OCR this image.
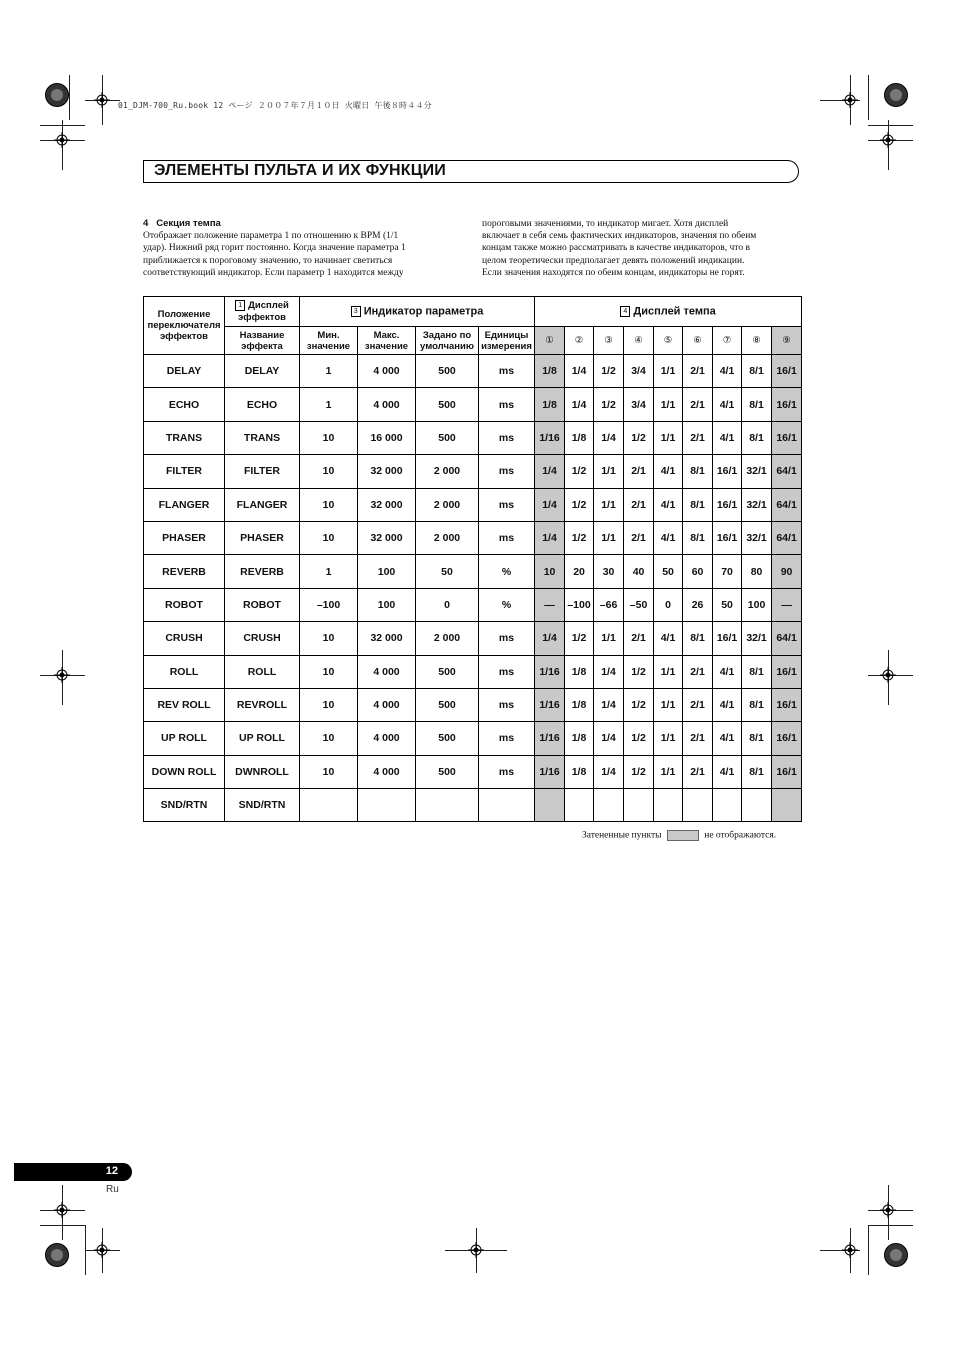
01_DJM-700_Ru.book 12 ページ ２００７年７月１０日 火曜日 午後８時４４分
ЭЛЕМЕНТЫ ПУЛЬТА И ИХ ФУНКЦИИ
4 Секция темпа
Отображает положение параметра 1 по отношению к BPM (1/1
удар). Нижний ряд горит постоянно. Когда значение параметра 1
приближается к пороговому значению, то начинает светиться
соответствующий индикатор. Если параметр 1 находится между
пороговыми значениями, то индикатор мигает. Хотя дисплей
включает в себя семь фактических индикаторов, значения по обеим
концам также можно рассматривать в качестве индикаторов, что в
целом теоретически предполагает девять положений индикации.
Если значения находятся по обеим концам, индикаторы не горят.
Положение переключателя эффектов	1 Дисплей эффектов	3 Индикатор параметра				4 Дисплей темпа								
	Название эффекта	Мин. значение	Макс. значение	Задано по умолчанию	Единицы измерения	①	②	③	④	⑤	⑥	⑦	⑧	⑨
DELAY	DELAY	1	4 000	500	ms	1/8	1/4	1/2	3/4	1/1	2/1	4/1	8/1	16/1
ECHO	ECHO	1	4 000	500	ms	1/8	1/4	1/2	3/4	1/1	2/1	4/1	8/1	16/1
TRANS	TRANS	10	16 000	500	ms	1/16	1/8	1/4	1/2	1/1	2/1	4/1	8/1	16/1
FILTER	FILTER	10	32 000	2 000	ms	1/4	1/2	1/1	2/1	4/1	8/1	16/1	32/1	64/1
FLANGER	FLANGER	10	32 000	2 000	ms	1/4	1/2	1/1	2/1	4/1	8/1	16/1	32/1	64/1
PHASER	PHASER	10	32 000	2 000	ms	1/4	1/2	1/1	2/1	4/1	8/1	16/1	32/1	64/1
REVERB	REVERB	1	100	50	%	10	20	30	40	50	60	70	80	90
ROBOT	ROBOT	–100	100	0	%	—	–100	–66	–50	0	26	50	100	—
CRUSH	CRUSH	10	32 000	2 000	ms	1/4	1/2	1/1	2/1	4/1	8/1	16/1	32/1	64/1
ROLL	ROLL	10	4 000	500	ms	1/16	1/8	1/4	1/2	1/1	2/1	4/1	8/1	16/1
REV ROLL	REVROLL	10	4 000	500	ms	1/16	1/8	1/4	1/2	1/1	2/1	4/1	8/1	16/1
UP ROLL	UP ROLL	10	4 000	500	ms	1/16	1/8	1/4	1/2	1/1	2/1	4/1	8/1	16/1
DOWN ROLL	DWNROLL	10	4 000	500	ms	1/16	1/8	1/4	1/2	1/1	2/1	4/1	8/1	16/1
SND/RTN	SND/RTN													
Затененные пункты	не отображаются.
12
Ru
